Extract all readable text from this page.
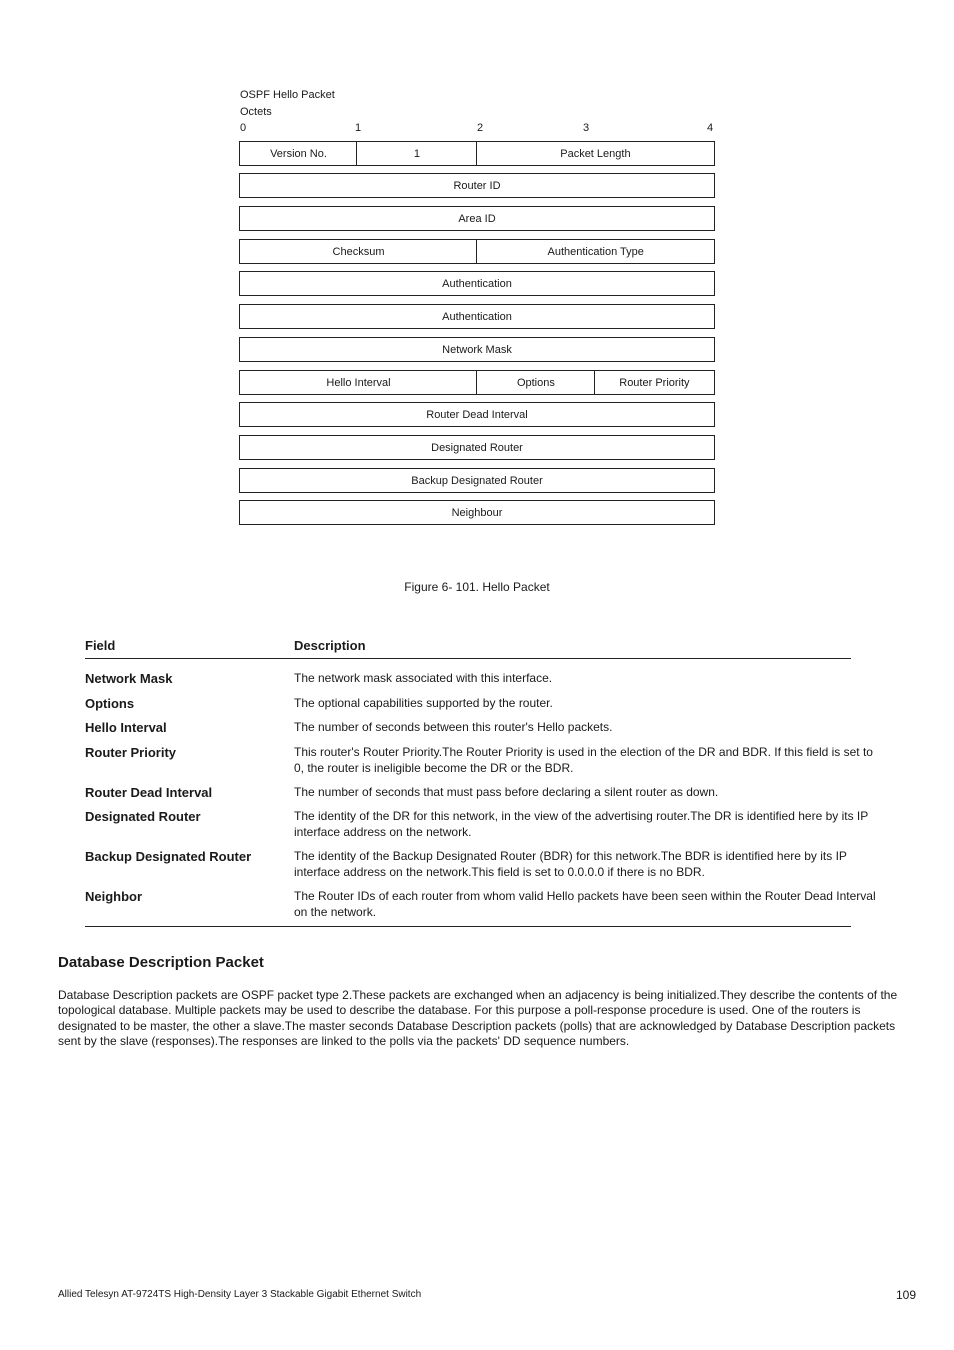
OSPF Hello Packet
Octets
0	1	2	3	4
Version No.	1	Packet Length
Router ID
Area ID
Checksum	Authentication Type
Authentication
Authentication
Network Mask
Hello Interval	Options	Router Priority
Router Dead Interval
Designated Router
Backup Designated Router
Neighbour
Figure 6- 101. Hello Packet
Field	Description
Network Mask	The network mask associated with this interface.
Options	The optional capabilities supported by the router.
Hello Interval	The number of seconds between this router's Hello packets.
Router Priority	This router's Router Priority.The Router Priority is used in the election of the DR and BDR. If this field is set to 0, the router is ineligible become the DR or the BDR.
Router Dead Interval	The number of seconds that must pass before declaring a silent router as down.
Designated Router	The identity of the DR for this network, in the view of the advertising router.The DR is identified here by its IP interface address on the network.
Backup Designated Router	The identity of the Backup Designated Router (BDR) for this network.The BDR is identified here by its IP interface address on the network.This field is set to 0.0.0.0 if there is no BDR.
Neighbor	The Router IDs of each router from whom valid Hello packets have been seen within the Router Dead Interval on the network.
Database Description Packet
Database Description packets are OSPF packet type 2.These packets are exchanged when an adjacency is being initialized.They describe the contents of the topological database. Multiple packets may be used to describe the database. For this purpose a poll-response procedure is used. One of the routers is designated to be master, the other a slave.The master seconds Database Description packets (polls) that are acknowledged by Database Description packets sent by the slave (responses).The responses are linked to the polls via the packets' DD sequence numbers.
Allied Telesyn AT-9724TS High-Density Layer 3 Stackable Gigabit Ethernet Switch	109
